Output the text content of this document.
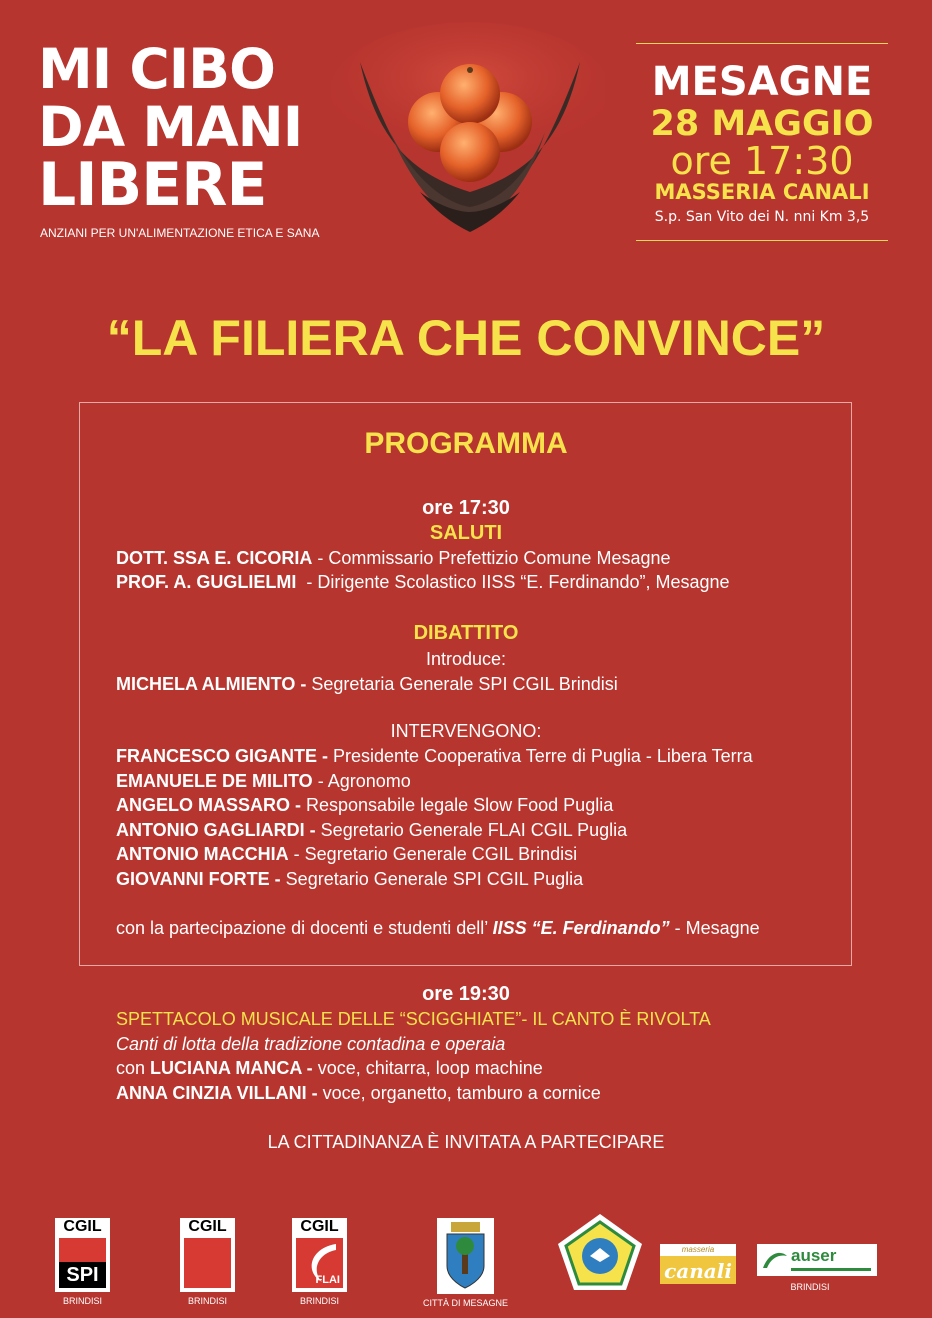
MI CIBO
DA MANI
LIBERE
ANZIANI PER UN'ALIMENTAZIONE ETICA E SANA
MESAGNE
28 MAGGIO
ore 17:30
MASSERIA CANALI
S.p. San Vito dei N. nni Km 3,5
“LA FILIERA CHE CONVINCE”
PROGRAMMA
ore 17:30
SALUTI
DOTT. SSA E. CICORIA - Commissario Prefettizio Comune Mesagne
PROF. A. GUGLIELMI  - Dirigente Scolastico IISS “E. Ferdinando”, Mesagne
DIBATTITO
Introduce:
MICHELA ALMIENTO - Segretaria Generale SPI CGIL Brindisi
INTERVENGONO:
FRANCESCO GIGANTE - Presidente Cooperativa Terre di Puglia - Libera Terra
EMANUELE DE MILITO - Agronomo
ANGELO MASSARO - Responsabile legale Slow Food Puglia
ANTONIO GAGLIARDI - Segretario Generale FLAI CGIL Puglia
ANTONIO MACCHIA - Segretario Generale CGIL Brindisi
GIOVANNI FORTE - Segretario Generale SPI CGIL Puglia
con la partecipazione di docenti e studenti dell’ IISS “E. Ferdinando” - Mesagne
ore 19:30
SPETTACOLO MUSICALE DELLE “SCIGGHIATE”- IL CANTO È RIVOLTA
Canti di lotta della tradizione contadina e operaia
con LUCIANA MANCA - voce, chitarra, loop machine
ANNA CINZIA VILLANI - voce, organetto, tamburo a cornice
LA CITTADINANZA È INVITATA A PARTECIPARE
CGIL
SPI
BRINDISI
CGIL
BRINDISI
CGIL
FLAI
BRINDISI	CITTÀ DI MESAGNE
masseria
canali
auser
BRINDISI
